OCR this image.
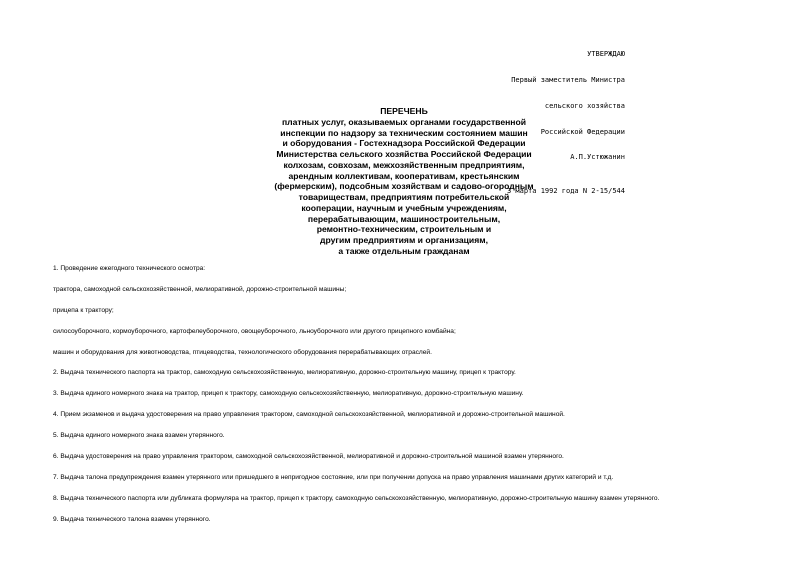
УТВЕРЖДАЮ

Первый заместитель Министра

сельского хозяйства

Российской Федерации

А.П.Устюжанин

3 марта 1992 года N 2-15/544

ПЕРЕЧЕНЬ
платных услуг, оказываемых органами государственной
инспекции по надзору за техническим состоянием машин
и оборудования - Гостехнадзора Российской Федерации
Министерства сельского хозяйства Российской Федерации
колхозам, совхозам, межхозяйственным предприятиям,
арендным коллективам, кооперативам, крестьянским
(фермерским), подсобным хозяйствам и садово-огородным
товариществам, предприятиям потребительской
кооперации, научным и учебным учреждениям,
перерабатывающим, машиностроительным,
ремонтно-техническим, строительным и
другим предприятиям и организациям,
а также отдельным гражданам
1. Проведение ежегодного технического осмотра:
трактора, самоходной сельскохозяйственной, мелиоративной, дорожно-строительной машины;
прицепа к трактору;
силосоуборочного, кормоуборочного, картофелеуборочного, овощеуборочного, льноуборочного или другого прицепного комбайна;
машин и оборудования для животноводства, птицеводства, технологического оборудования перерабатывающих отраслей.
2. Выдача технического паспорта на трактор, самоходную сельскохозяйственную, мелиоративную, дорожно-строительную машину, прицеп к трактору.
3. Выдача единого номерного знака на трактор, прицеп к трактору, самоходную сельскохозяйственную, мелиоративную, дорожно-строительную машину.
4. Прием экзаменов и выдача удостоверения на право управления трактором, самоходной сельскохозяйственной, мелиоративной и дорожно-строительной машиной.
5. Выдача единого номерного знака взамен утерянного.
6. Выдача удостоверения на право управления трактором, самоходной сельскохозяйственной, мелиоративной и дорожно-строительной машиной взамен утерянного.
7. Выдача талона предупреждения взамен утерянного или пришедшего в непригодное состояние, или при получении допуска на право управления машинами других категорий и т.д.
8. Выдача технического паспорта или дубликата формуляра на трактор, прицеп к трактору, самоходную сельскохозяйственную, мелиоративную, дорожно-строительную машину взамен утерянного.
9. Выдача технического талона взамен утерянного.
